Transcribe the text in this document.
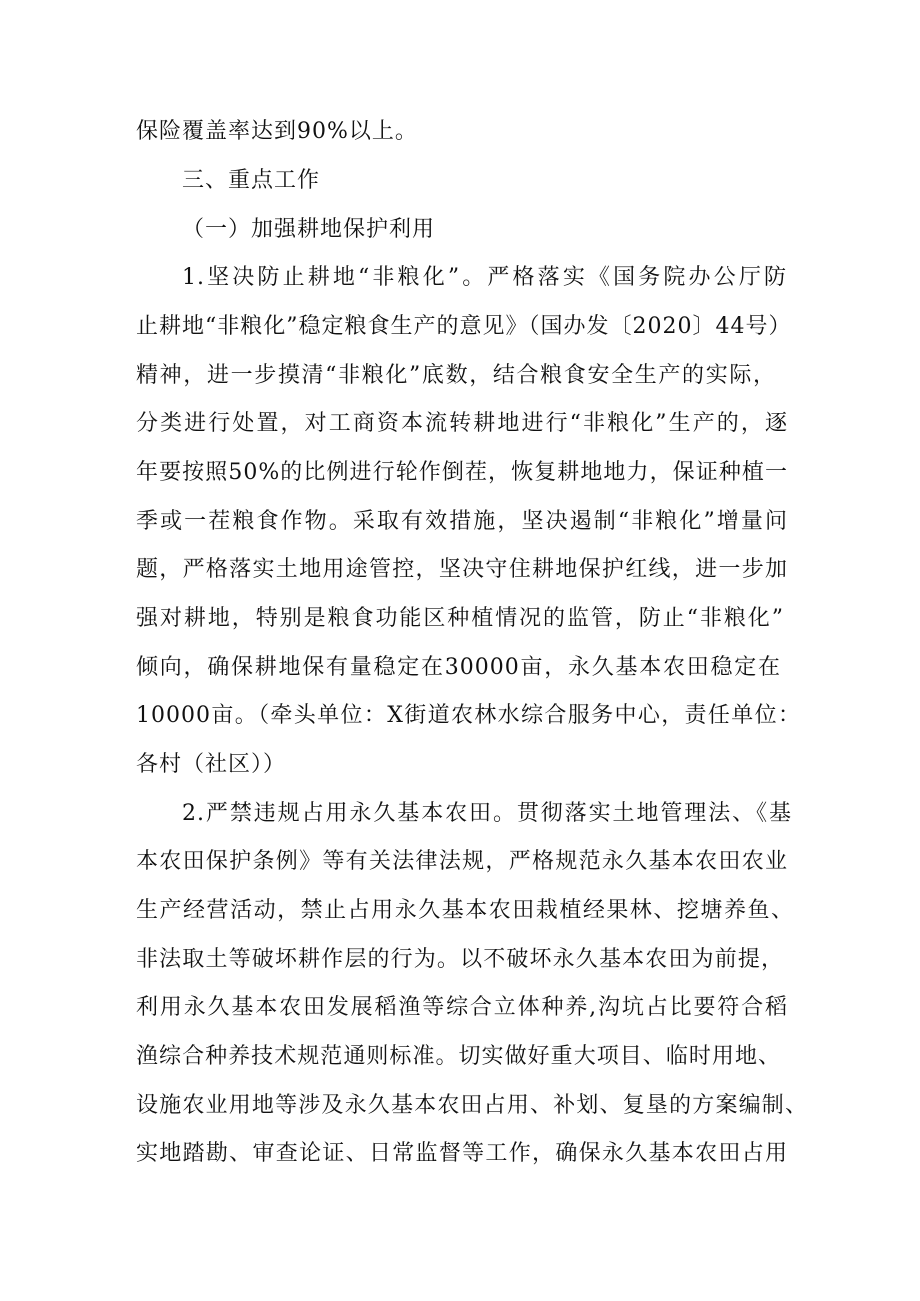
保险覆盖率达到90%以上。
三、重点工作
（一）加强耕地保护利用
1.坚决防止耕地“非粮化”。严格落实《国务院办公厅防
止耕地“非粮化”稳定粮食生产的意见》（国办发〔2020〕44号）
精神，进一步摸清“非粮化”底数，结合粮食安全生产的实际，
分类进行处置，对工商资本流转耕地进行“非粮化”生产的，逐
年要按照50%的比例进行轮作倒茬，恢复耕地地力，保证种植一
季或一茬粮食作物。采取有效措施，坚决遏制“非粮化”增量问
题，严格落实土地用途管控，坚决守住耕地保护红线，进一步加
强对耕地，特别是粮食功能区种植情况的监管，防止“非粮化”
倾向，确保耕地保有量稳定在30000亩，永久基本农田稳定在
10000亩。（牵头单位：X街道农林水综合服务中心，责任单位：
各村（社区））
2.严禁违规占用永久基本农田。贯彻落实土地管理法、《基
本农田保护条例》等有关法律法规，严格规范永久基本农田农业
生产经营活动，禁止占用永久基本农田栽植经果林、挖塘养鱼、
非法取土等破坏耕作层的行为。以不破坏永久基本农田为前提，
利用永久基本农田发展稻渔等综合立体种养,沟坑占比要符合稻
渔综合种养技术规范通则标准。切实做好重大项目、临时用地、
设施农业用地等涉及永久基本农田占用、补划、复垦的方案编制、
实地踏勘、审查论证、日常监督等工作，确保永久基本农田占用
